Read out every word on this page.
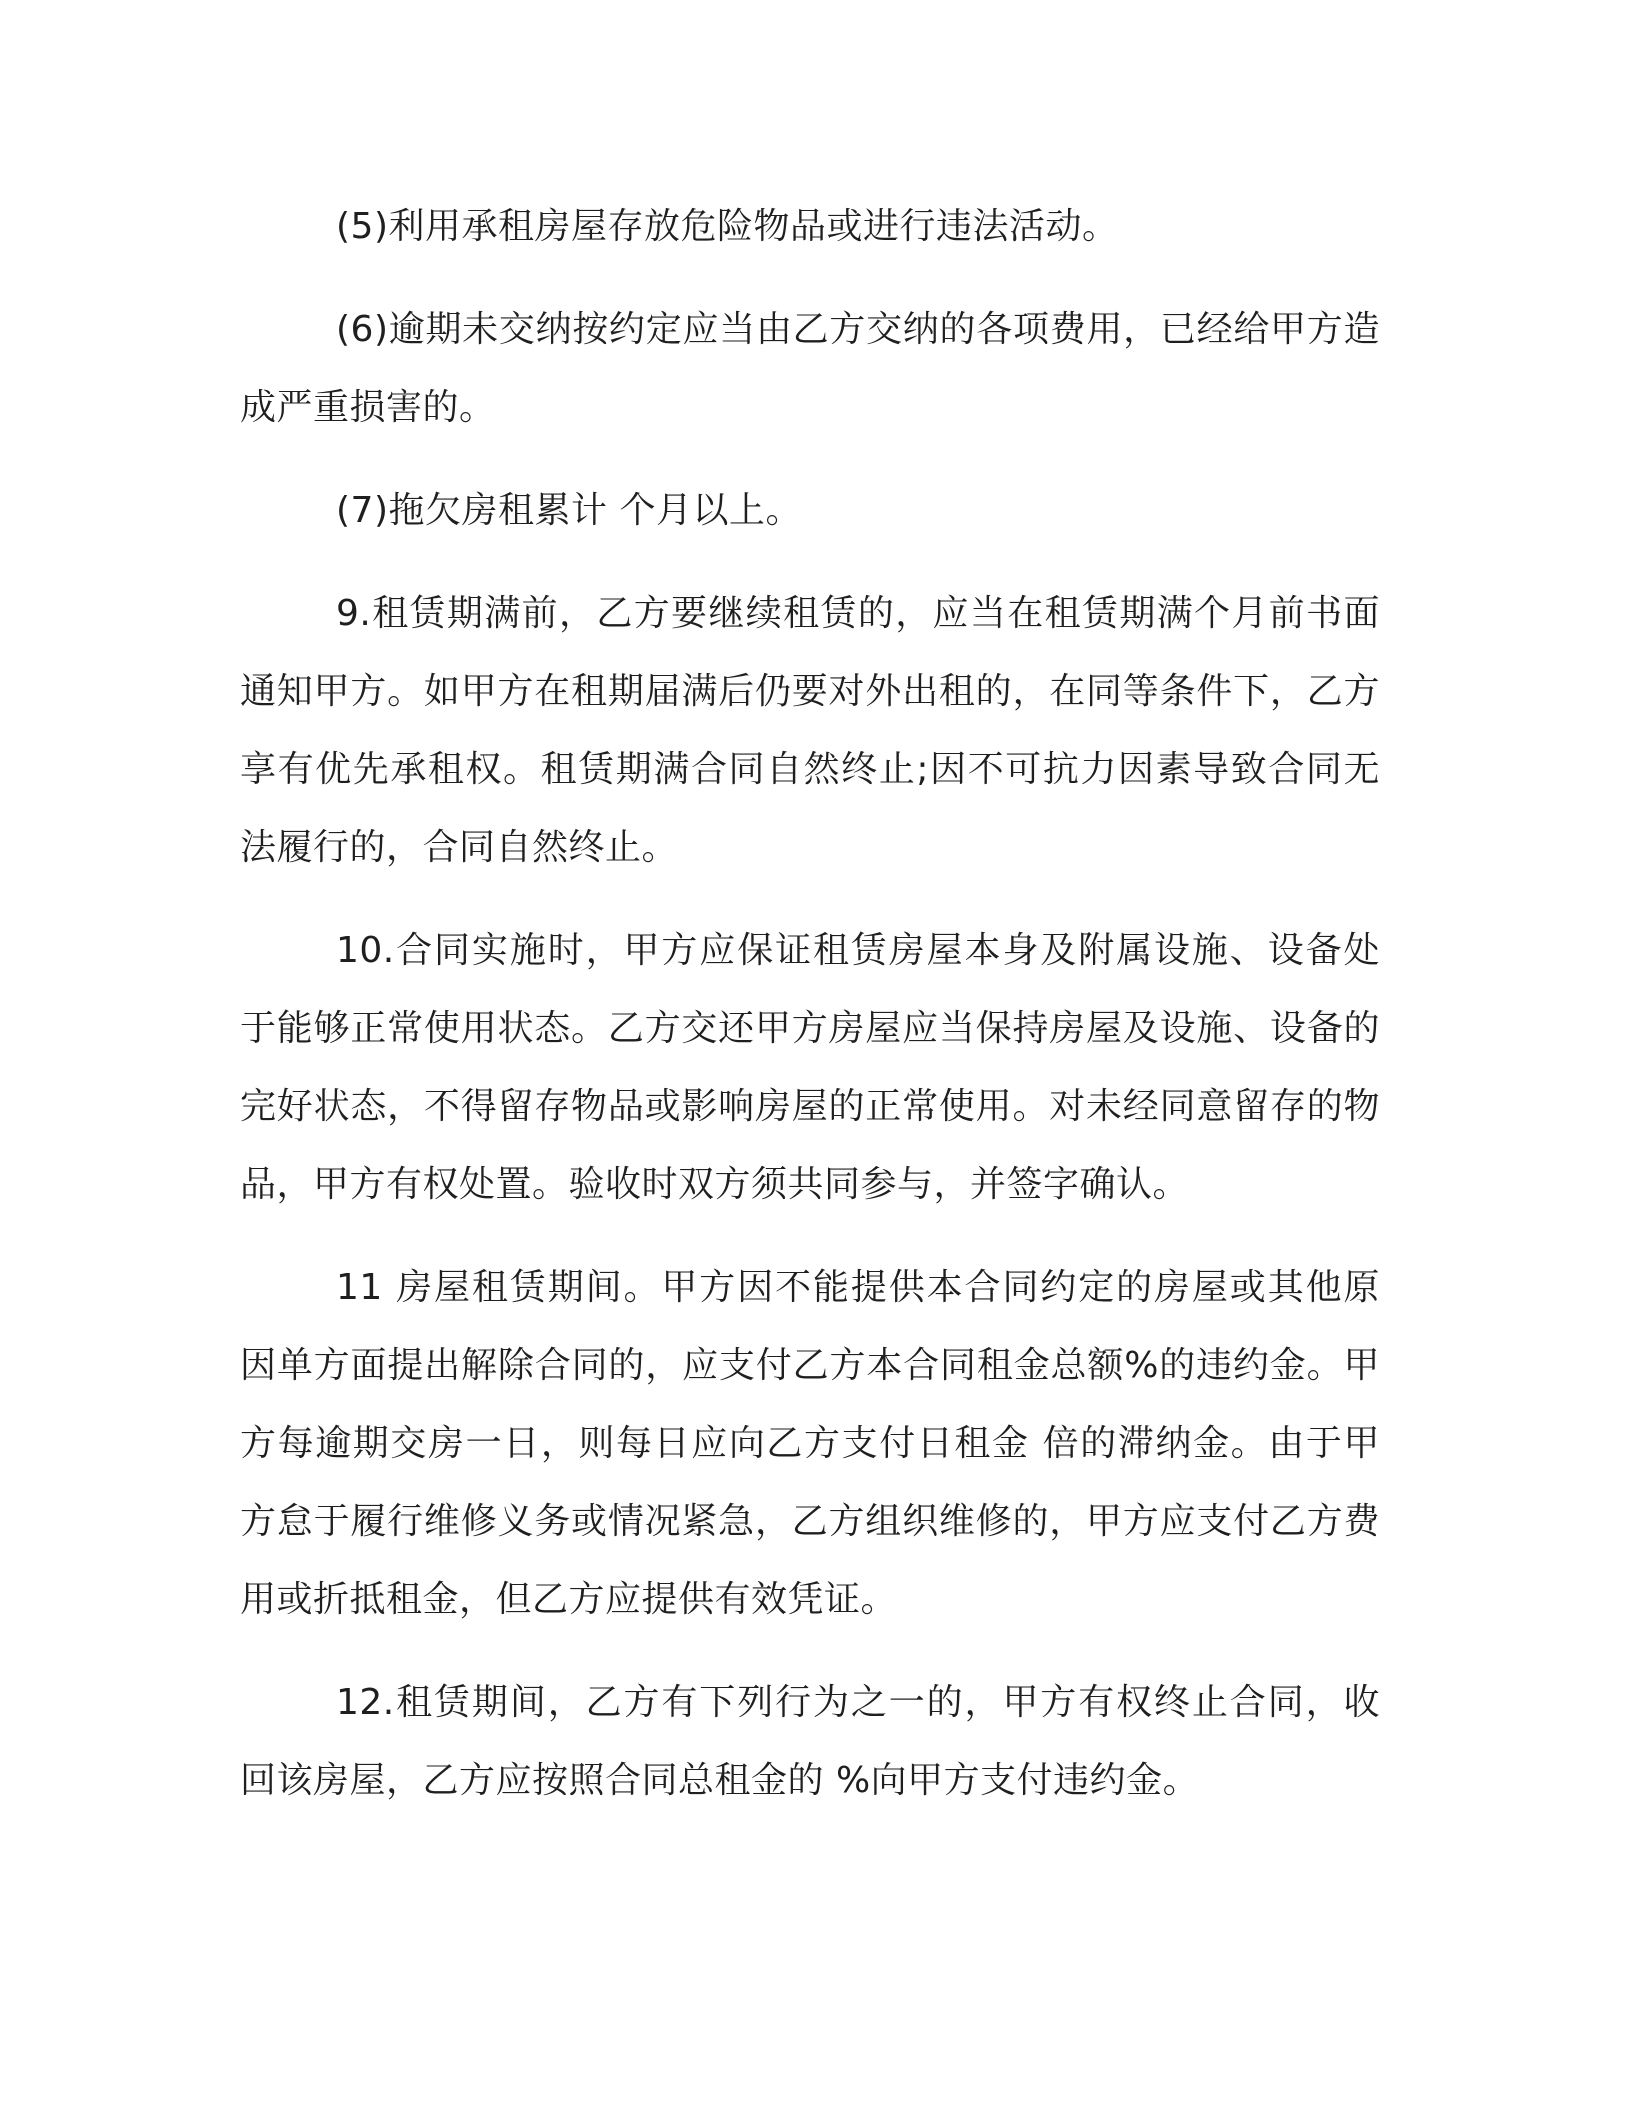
(5)利用承租房屋存放危险物品或进行违法活动。

(6)逾期未交纳按约定应当由乙方交纳的各项费用，已经给甲方造成严重损害的。

(7)拖欠房租累计 个月以上。

9.租赁期满前，乙方要继续租赁的，应当在租赁期满个月前书面通知甲方。如甲方在租期届满后仍要对外出租的，在同等条件下，乙方享有优先承租权。租赁期满合同自然终止;因不可抗力因素导致合同无法履行的，合同自然终止。

10.合同实施时，甲方应保证租赁房屋本身及附属设施、设备处于能够正常使用状态。乙方交还甲方房屋应当保持房屋及设施、设备的完好状态，不得留存物品或影响房屋的正常使用。对未经同意留存的物品，甲方有权处置。验收时双方须共同参与，并签字确认。

11 房屋租赁期间。甲方因不能提供本合同约定的房屋或其他原因单方面提出解除合同的，应支付乙方本合同租金总额%的违约金。甲方每逾期交房一日，则每日应向乙方支付日租金 倍的滞纳金。由于甲方怠于履行维修义务或情况紧急，乙方组织维修的，甲方应支付乙方费用或折抵租金，但乙方应提供有效凭证。

12.租赁期间，乙方有下列行为之一的，甲方有权终止合同，收回该房屋，乙方应按照合同总租金的 %向甲方支付违约金。
